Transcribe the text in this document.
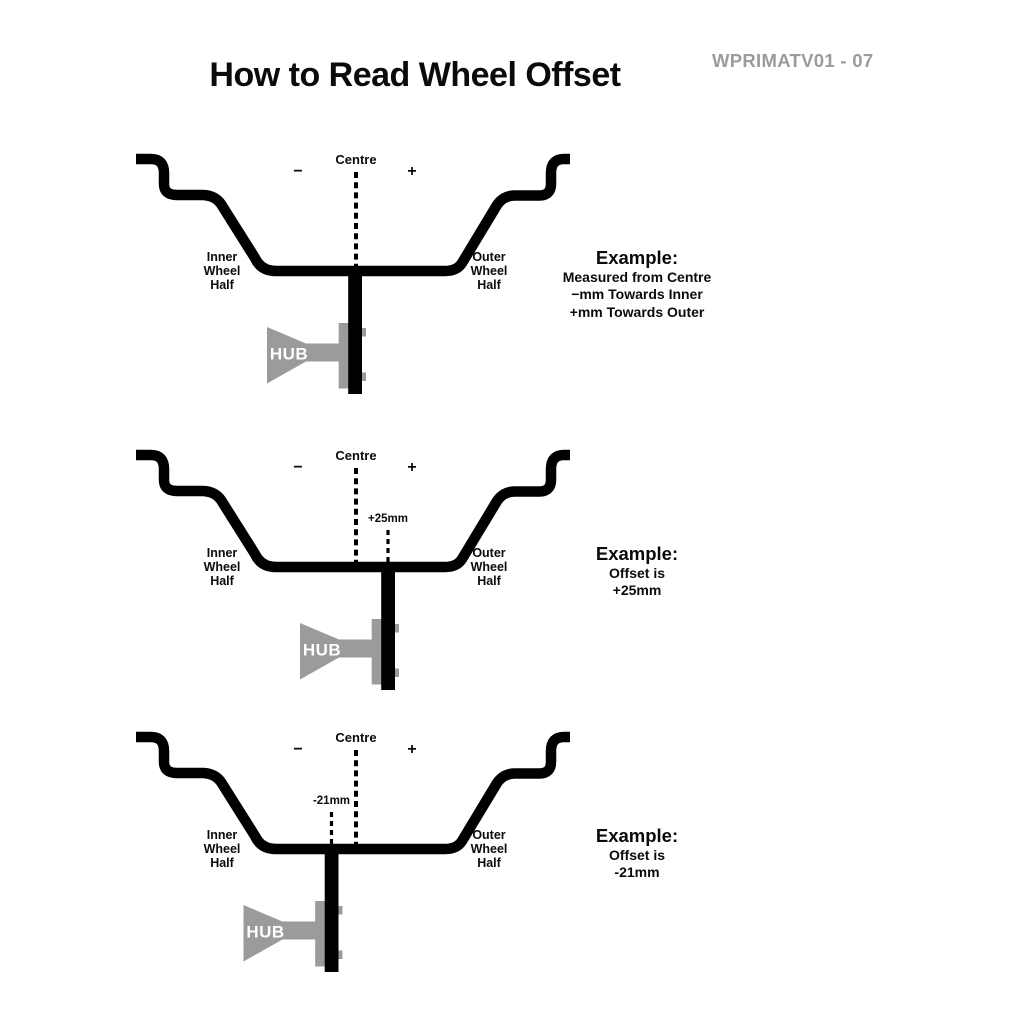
How to Read Wheel Offset	WPRIMATV01 - 07
HUB
Centre
−	+
Inner
Wheel
Half
Outer
Wheel
Half
Example:
Measured from Centre
−mm Towards Inner
+mm Towards Outer
HUB
Centre
−	+
+25mm
Inner
Wheel
Half
Outer
Wheel
Half
Example:
Offset is
+25mm
HUB
Centre
−	+
-21mm
Inner
Wheel
Half
Outer
Wheel
Half
Example:
Offset is
-21mm
